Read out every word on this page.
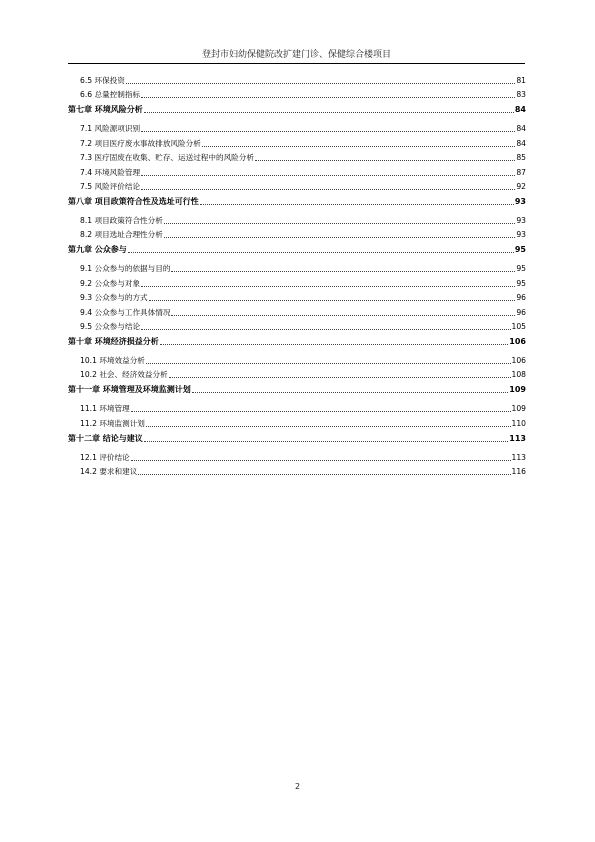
登封市妇幼保健院改扩建门诊、保健综合楼项目
6.5 环保投资	81
6.6 总量控制指标	83
第七章 环境风险分析	84
7.1 风险源项识别	84
7.2 项目医疗废水事故排放风险分析	84
7.3 医疗固废在收集、贮存、运送过程中的风险分析	85
7.4 环境风险管理	87
7.5 风险评价结论	92
第八章 项目政策符合性及选址可行性	93
8.1 项目政策符合性分析	93
8.2 项目选址合理性分析	93
第九章 公众参与	95
9.1 公众参与的依据与目的	95
9.2 公众参与对象	95
9.3 公众参与的方式	96
9.4 公众参与工作具体情况	96
9.5 公众参与结论	105
第十章 环境经济损益分析	106
10.1 环境效益分析	106
10.2 社会、经济效益分析	108
第十一章 环境管理及环境监测计划	109
11.1 环境管理	109
11.2 环境监测计划	110
第十二章 结论与建议	113
12.1 评价结论	113
14.2 要求和建议	116
2
